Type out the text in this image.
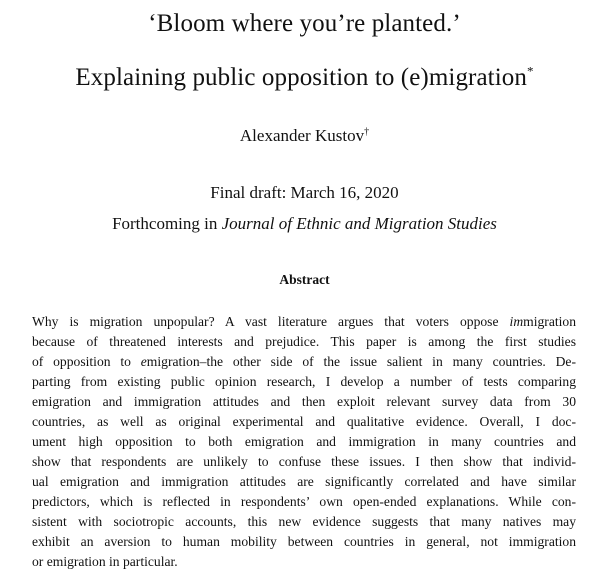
‘Bloom where you’re planted.’
Explaining public opposition to (e)migration*
Alexander Kustov†
Final draft: March 16, 2020
Forthcoming in Journal of Ethnic and Migration Studies
Abstract
Why is migration unpopular? A vast literature argues that voters oppose immigration
because of threatened interests and prejudice. This paper is among the first studies
of opposition to emigration–the other side of the issue salient in many countries. De-
parting from existing public opinion research, I develop a number of tests comparing
emigration and immigration attitudes and then exploit relevant survey data from 30
countries, as well as original experimental and qualitative evidence. Overall, I doc-
ument high opposition to both emigration and immigration in many countries and
show that respondents are unlikely to confuse these issues. I then show that individ-
ual emigration and immigration attitudes are significantly correlated and have similar
predictors, which is reflected in respondents’ own open-ended explanations. While con-
sistent with sociotropic accounts, this new evidence suggests that many natives may
exhibit an aversion to human mobility between countries in general, not immigration
or emigration in particular.
